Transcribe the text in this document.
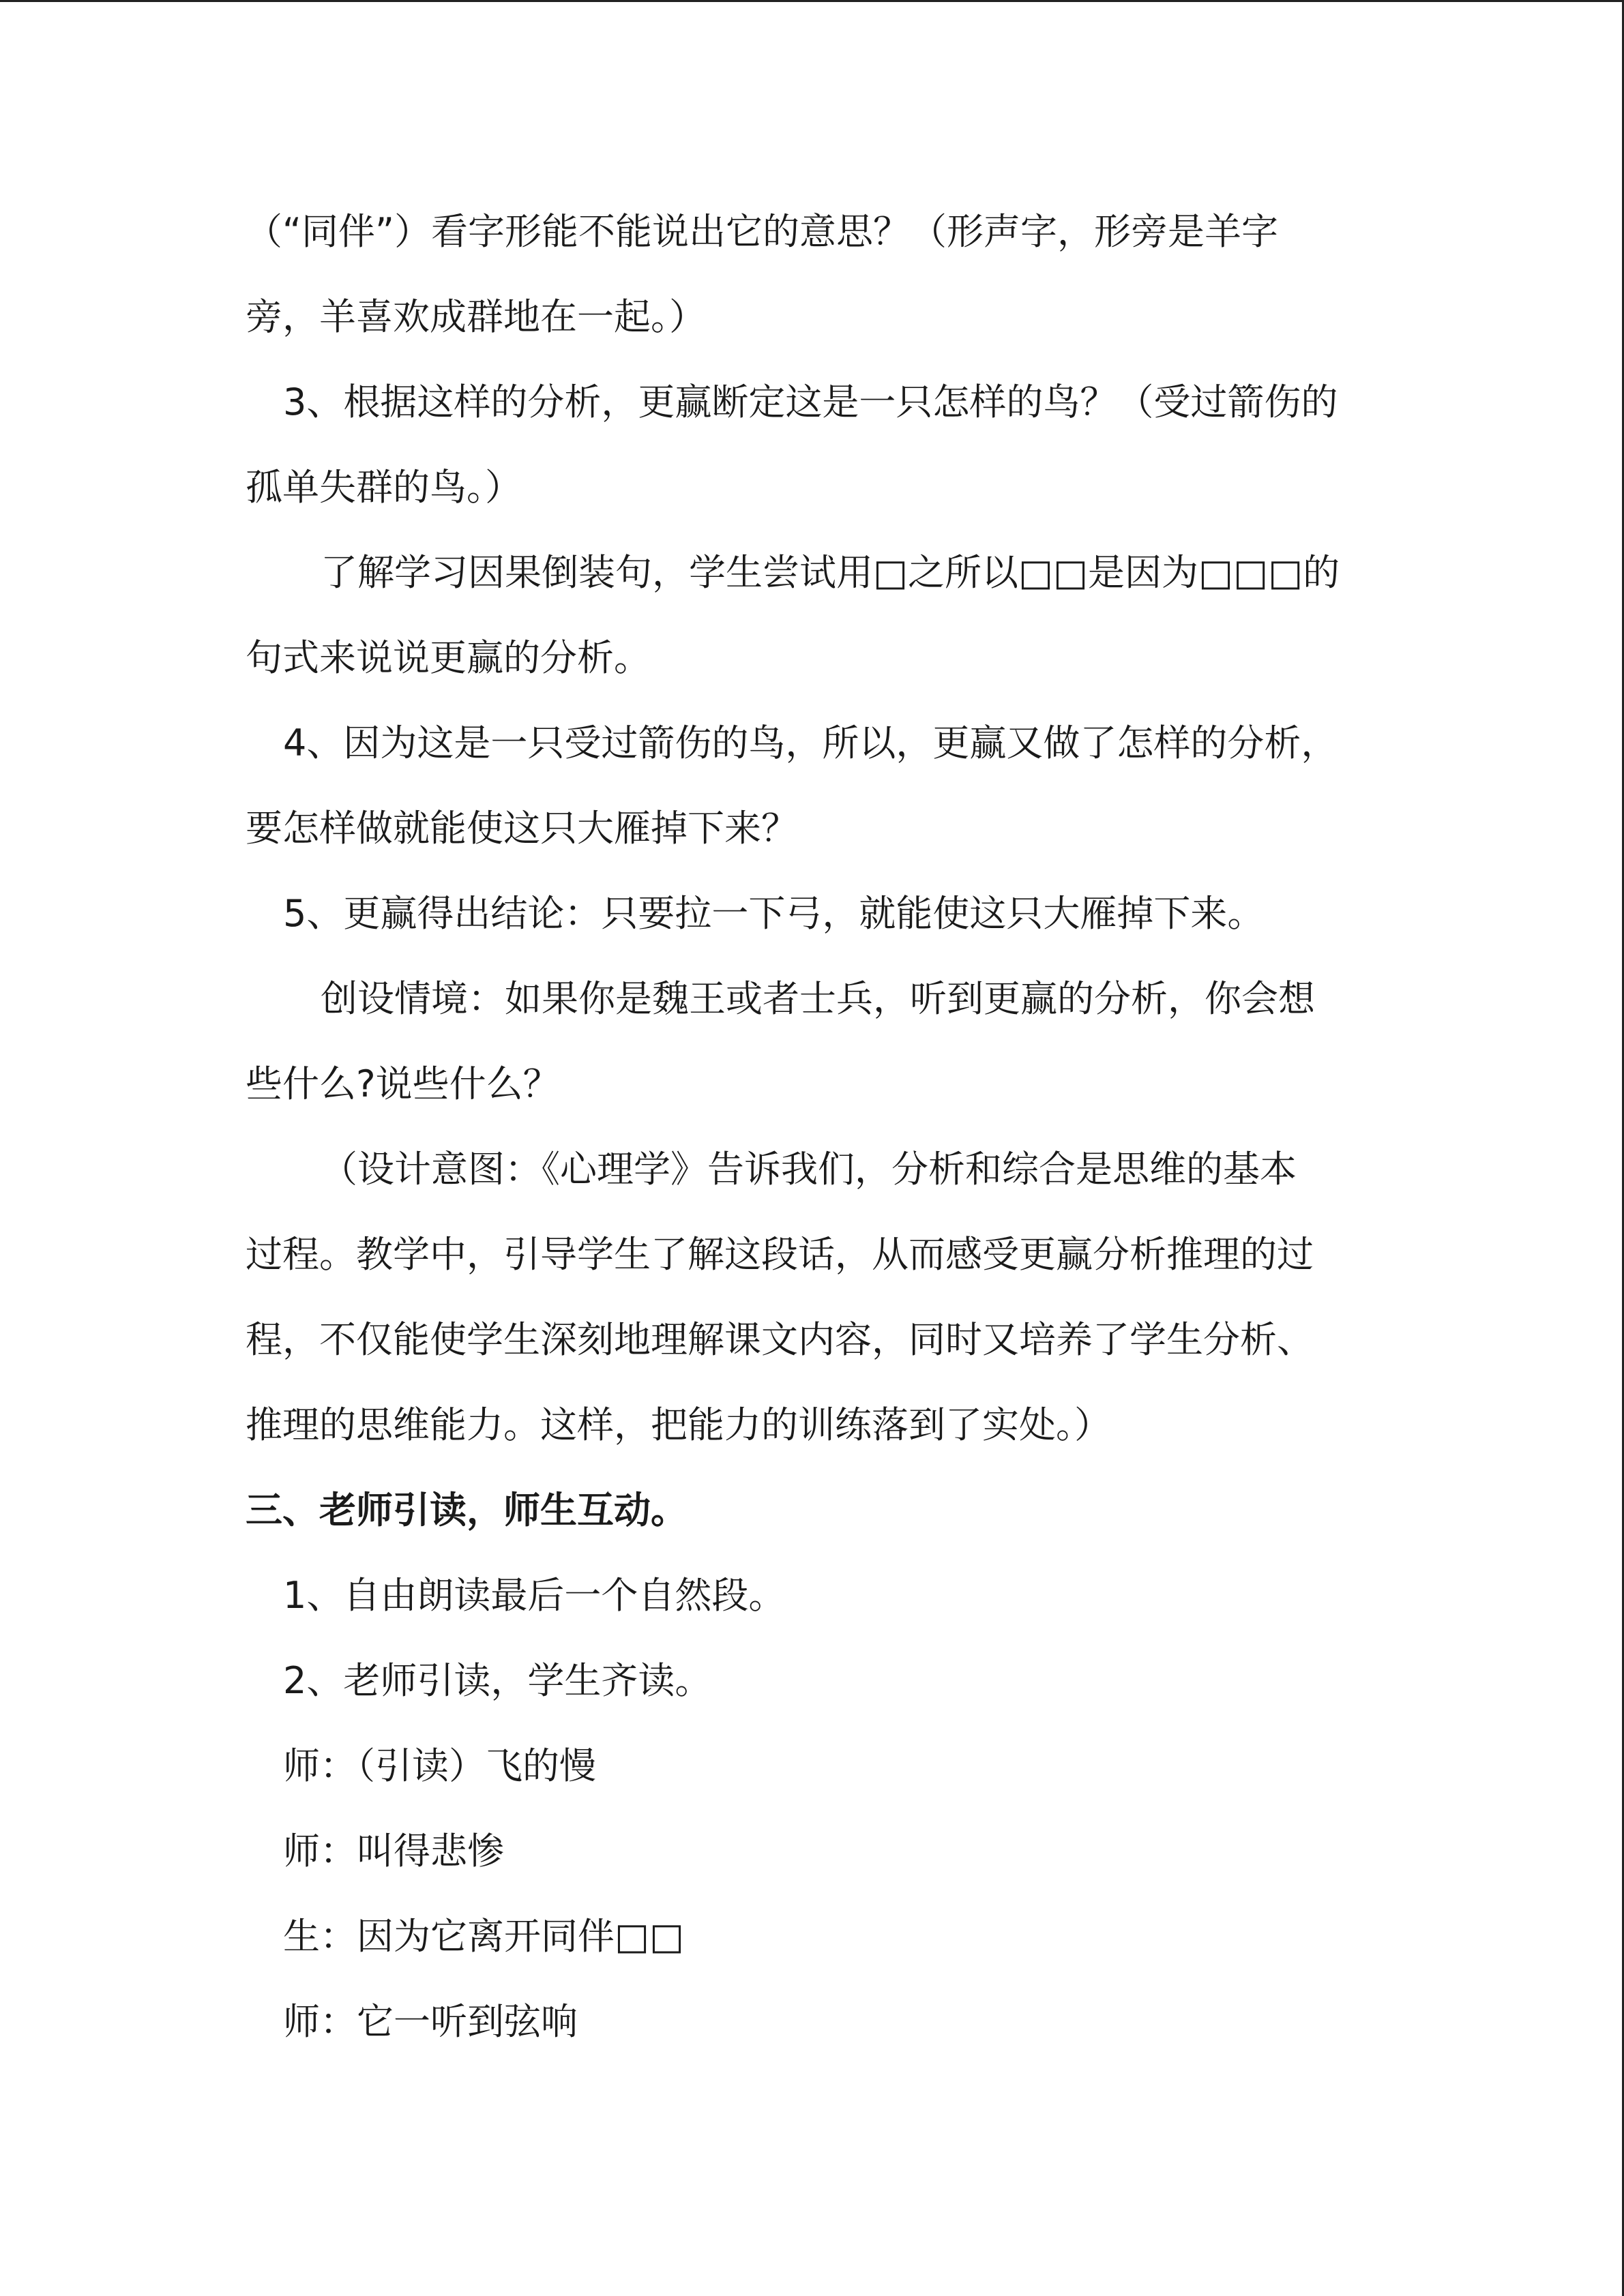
（“同伴”）看字形能不能说出它的意思？（形声字，形旁是羊字
旁，羊喜欢成群地在一起。）
3、根据这样的分析，更赢断定这是一只怎样的鸟？（受过箭伤的
孤单失群的鸟。）
了解学习因果倒装句，学生尝试用□之所以□□是因为□□□的
句式来说说更赢的分析。
4、因为这是一只受过箭伤的鸟，所以，更赢又做了怎样的分析，
要怎样做就能使这只大雁掉下来？
5、更赢得出结论：只要拉一下弓，就能使这只大雁掉下来。
创设情境：如果你是魏王或者士兵，听到更赢的分析，你会想
些什么?说些什么？
（设计意图：《心理学》告诉我们，分析和综合是思维的基本
过程。教学中，引导学生了解这段话，从而感受更赢分析推理的过
程，不仅能使学生深刻地理解课文内容，同时又培养了学生分析、
推理的思维能力。这样，把能力的训练落到了实处。）
三、老师引读，师生互动。
1、自由朗读最后一个自然段。
2、老师引读，学生齐读。
师：（引读）飞的慢
师：叫得悲惨
生：因为它离开同伴□□
师：它一听到弦响
